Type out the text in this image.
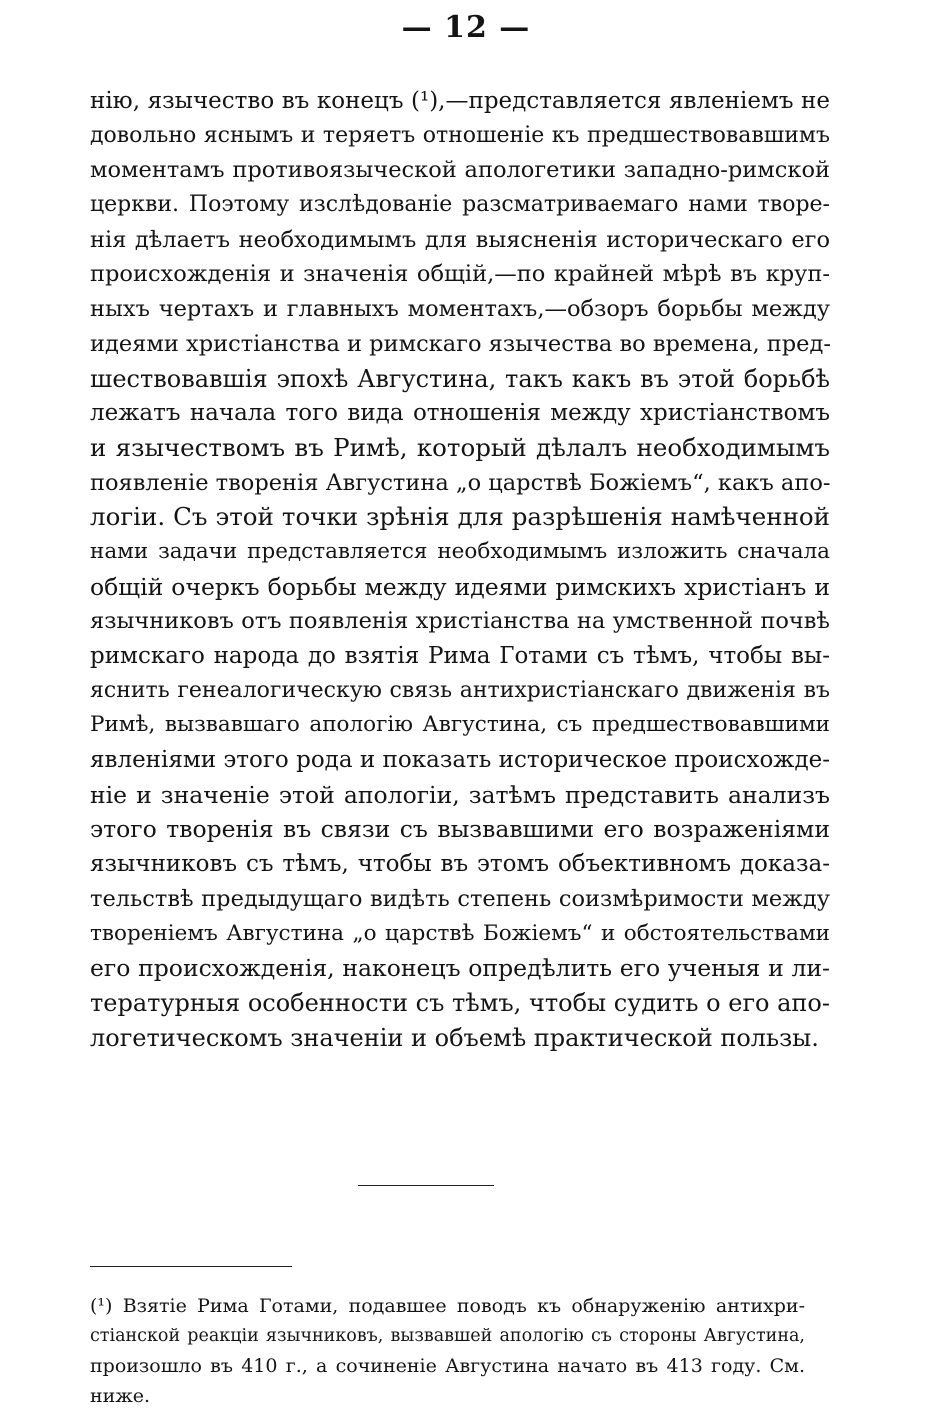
— 12 —
нію, язычество въ конецъ (¹),—представляется явленіемъ не
довольно яснымъ и теряетъ отношеніе къ предшествовавшимъ
моментамъ противоязыческой апологетики западно-римской
церкви. Поэтому изслѣдованіе разсматриваемаго нами творе-
нія дѣлаетъ необходимымъ для выясненія историческаго его
происхожденія и значенія общій,—по крайней мѣрѣ въ круп-
ныхъ чертахъ и главныхъ моментахъ,—обзоръ борьбы между
идеями христіанства и римскаго язычества во времена, пред-
шествовавшія эпохѣ Августина, такъ какъ въ этой борьбѣ
лежатъ начала того вида отношенія между христіанствомъ
и язычествомъ въ Римѣ, который дѣлалъ необходимымъ
появленіе творенія Августина „о царствѣ Божіемъ“, какъ апо-
логіи. Съ этой точки зрѣнія для разрѣшенія намѣченной
нами задачи представляется необходимымъ изложить сначала
общій очеркъ борьбы между идеями римскихъ христіанъ и
язычниковъ отъ появленія христіанства на умственной почвѣ
римскаго народа до взятія Рима Готами съ тѣмъ, чтобы вы-
яснить генеалогическую связь антихристіанскаго движенія въ
Римѣ, вызвавшаго апологію Августина, съ предшествовавшими
явленіями этого рода и показать историческое происхожде-
ніе и значеніе этой апологіи, затѣмъ представить анализъ
этого творенія въ связи съ вызвавшими его возраженіями
язычниковъ съ тѣмъ, чтобы въ этомъ объективномъ доказа-
тельствѣ предыдущаго видѣть степень соизмѣримости между
твореніемъ Августина „о царствѣ Божіемъ“ и обстоятельствами
его происхожденія, наконецъ опредѣлить его ученыя и ли-
тературныя особенности съ тѣмъ, чтобы судить о его апо-
логетическомъ значеніи и объемѣ практической пользы.
(¹) Взятіе Рима Готами, подавшее поводъ къ обнаруженію антихри-
стіанской реакціи язычниковъ, вызвавшей апологію съ стороны Августина,
произошло въ 410 г., а сочиненіе Августина начато въ 413 году. См.
ниже.
